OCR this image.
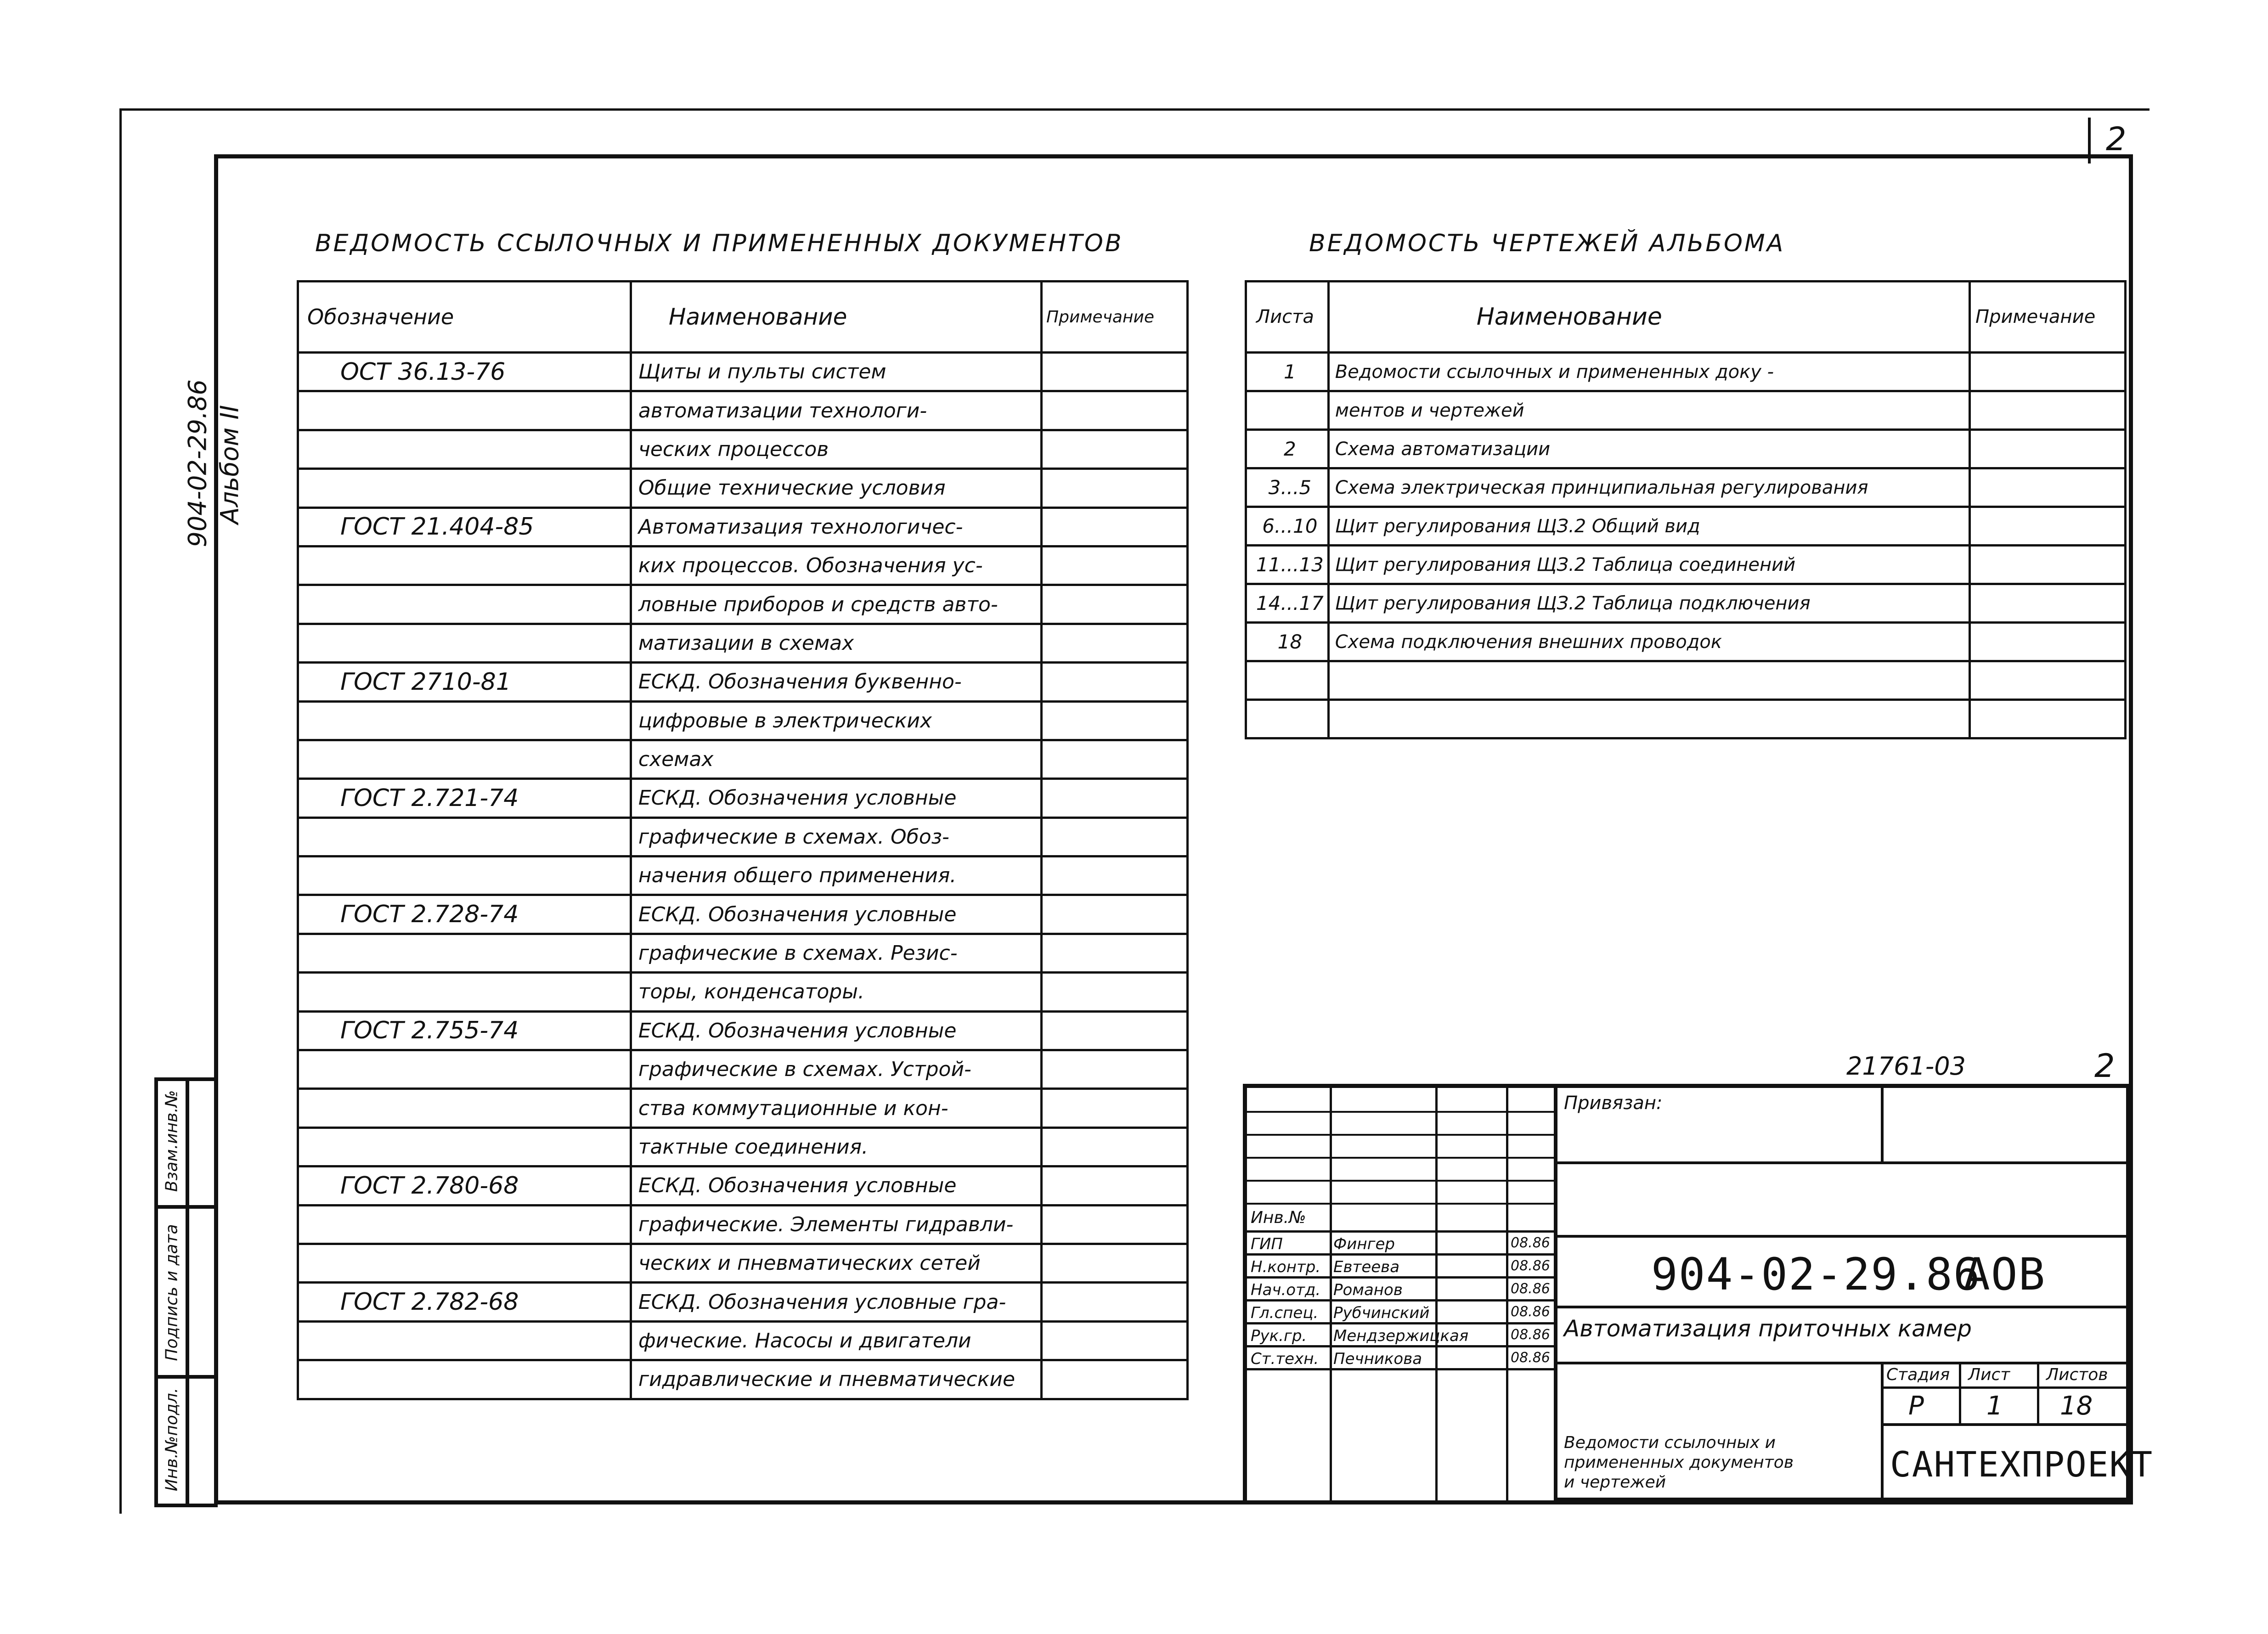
2
904-02-29.86 Альбом II
Инв.№подл.
Подпись и дата
Взам.инв.№
ВЕДОМОСТЬ ССЫЛОЧНЫХ И ПРИМЕНЕННЫХ ДОКУМЕНТОВ
Обозначение	Наименование	Примечание
ОСТ 36.13-76	Щиты и пульты систем	
	автоматизации технологи-	
	ческих процессов	
	Общие технические условия	
ГОСТ 21.404-85	Автоматизация технологичес-	
	ких процессов. Обозначения ус-	
	ловные приборов и средств авто-	
	матизации в схемах	
ГОСТ 2710-81	ЕСКД. Обозначения буквенно-	
	цифровые в электрических	
	схемах	
ГОСТ 2.721-74	ЕСКД. Обозначения условные	
	графические в схемах. Обоз-	
	начения общего применения.	
ГОСТ 2.728-74	ЕСКД. Обозначения условные	
	графические в схемах. Резис-	
	торы, конденсаторы.	
ГОСТ 2.755-74	ЕСКД. Обозначения условные	
	графические в схемах. Устрой-	
	ства коммутационные и кон-	
	тактные соединения.	
ГОСТ 2.780-68	ЕСКД. Обозначения условные	
	графические. Элементы гидравли-	
	ческих и пневматических сетей	
ГОСТ 2.782-68	ЕСКД. Обозначения условные гра-	
	фические. Насосы и двигатели	
	гидравлические и пневматические	
ВЕДОМОСТЬ ЧЕРТЕЖЕЙ АЛЬБОМА
Листа	Наименование	Примечание
1	Ведомости ссылочных и примененных доку -	
	ментов и чертежей	
2	Схема автоматизации	
3...5	Схема электрическая принципиальная регулирования	
6...10	Щит регулирования ЩЗ.2 Общий вид	
11...13	Щит регулирования ЩЗ.2 Таблица соединений	
14...17	Щит регулирования ЩЗ.2 Таблица подключения	
18	Схема подключения внешних проводок	

21761-03	2
Привязан:
Инв.№
ГИП	Фингер	08.86
Н.контр. Евтеева	08.86
Нач.отд. Романов	08.86
Гл.спец. Рубчинский	08.86
Рук.гр. Мендзержицкая	08.86
Ст.техн. Печникова	08.86
904-02-29.86
АОВ
Автоматизация приточных камер
Стадия Лист Листов
Р 1 18
Ведомости ссылочных и
примененных документов
и чертежей	САНТЕХПРОЕКТ
